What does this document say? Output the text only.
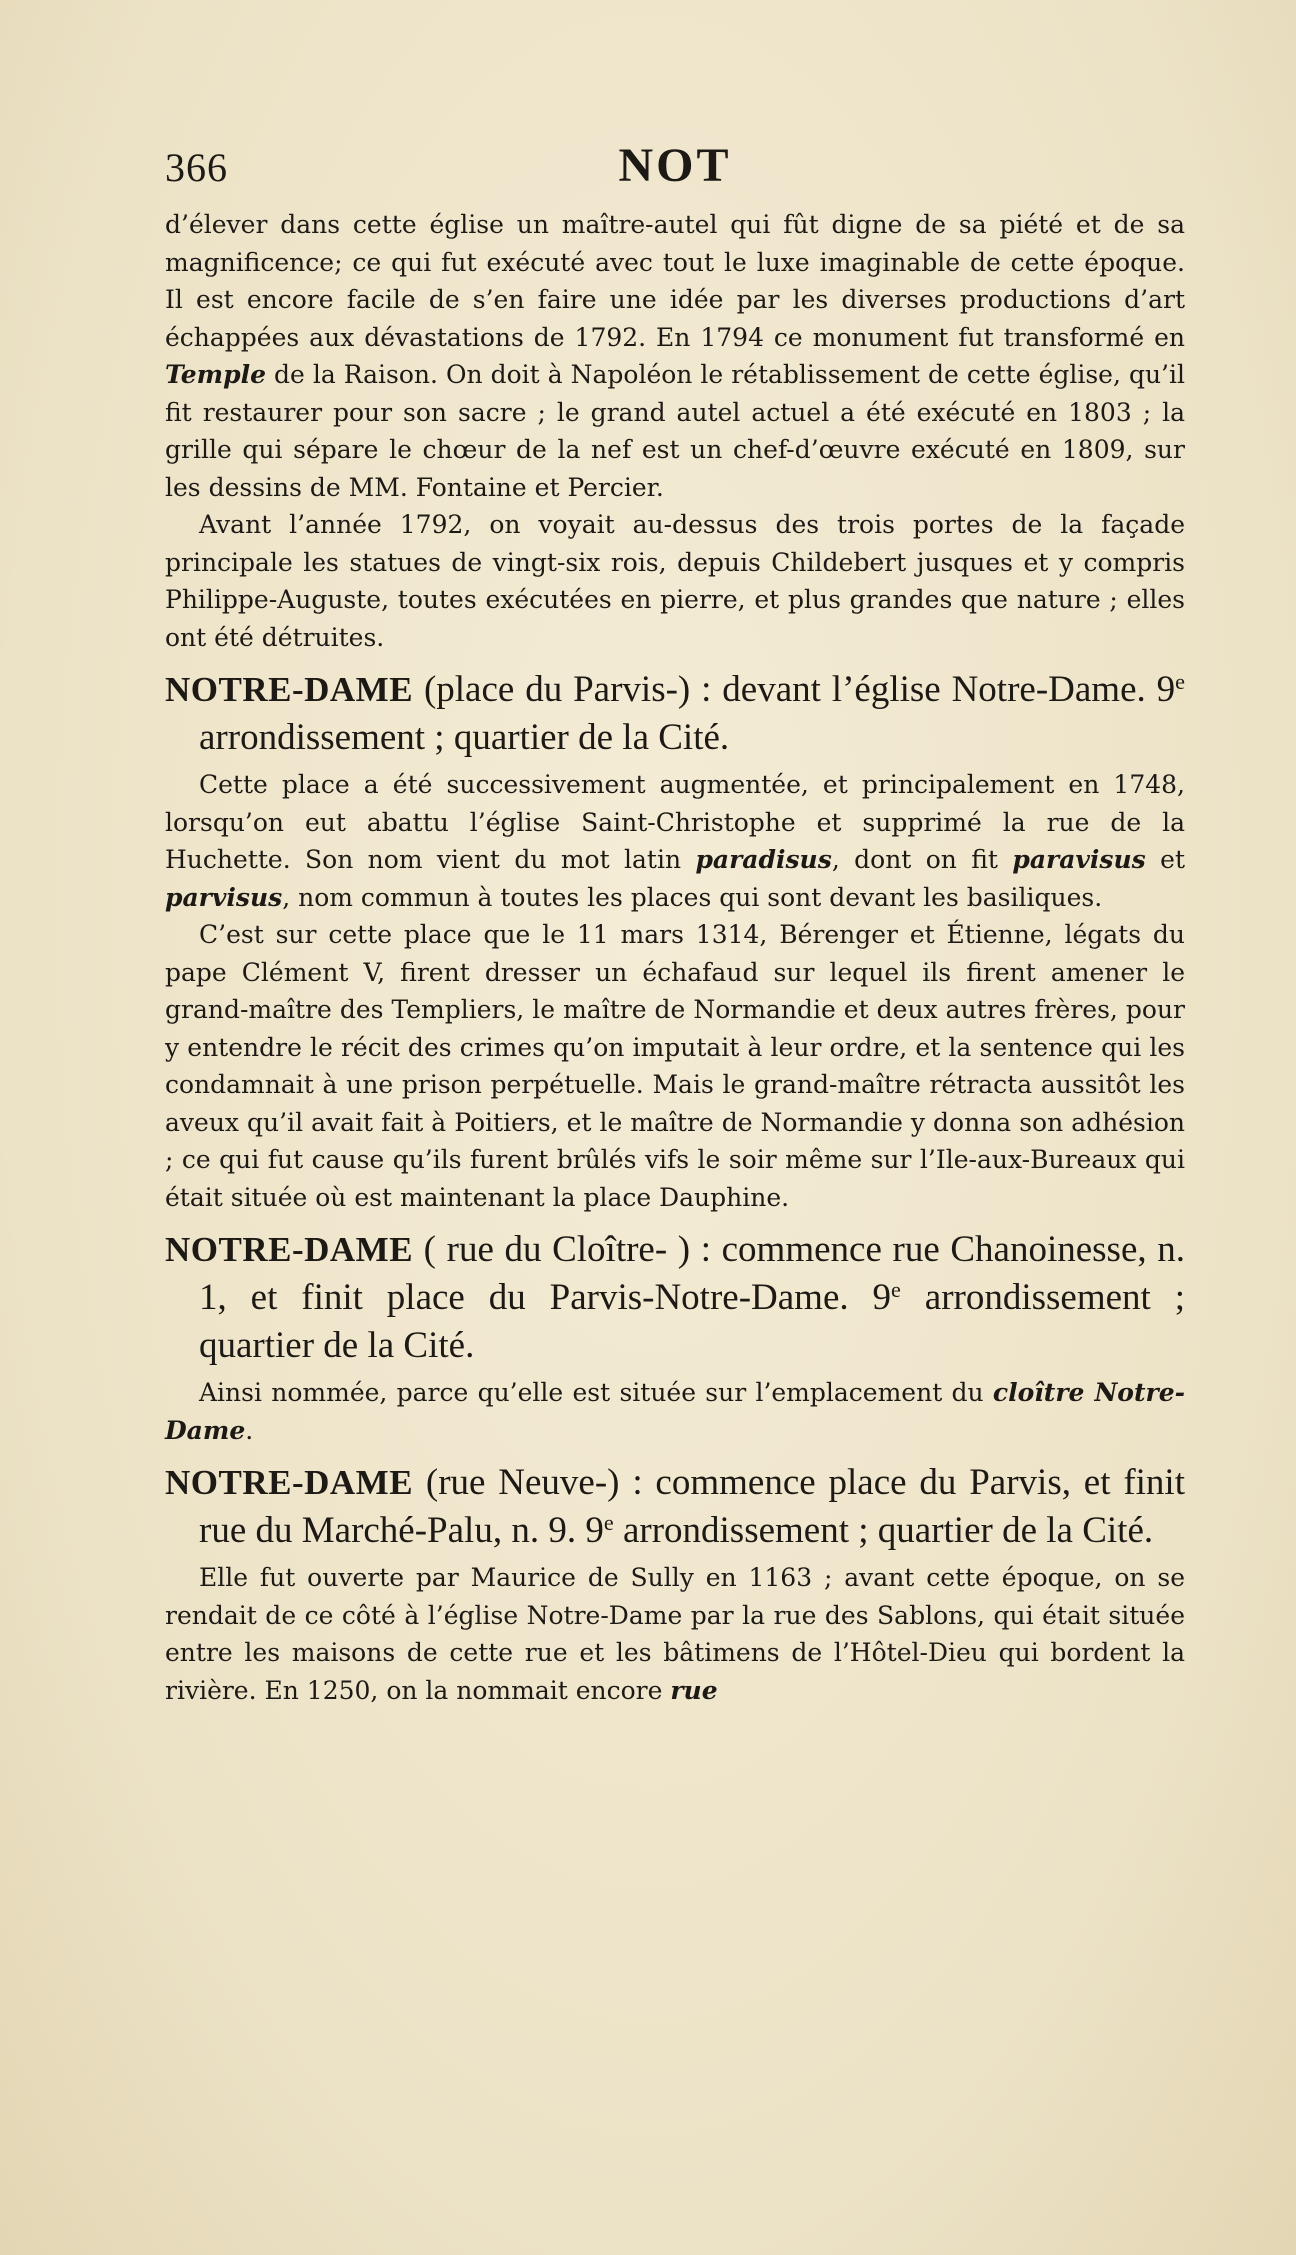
366	NOT

d’élever dans cette église un maître-autel qui fût digne de sa piété et de sa magnificence; ce qui fut exécuté avec tout le luxe imaginable de cette époque. Il est encore facile de s’en faire une idée par les diverses productions d’art échappées aux dévastations de 1792. En 1794 ce monument fut transformé en Temple de la Raison. On doit à Napoléon le rétablissement de cette église, qu’il fit restaurer pour son sacre ; le grand autel actuel a été exécuté en 1803 ; la grille qui sépare le chœur de la nef est un chef-d’œuvre exécuté en 1809, sur les dessins de MM. Fontaine et Percier.

Avant l’année 1792, on voyait au-dessus des trois portes de la façade principale les statues de vingt-six rois, depuis Childebert jusques et y compris Philippe-Auguste, toutes exécutées en pierre, et plus grandes que nature ; elles ont été détruites.

NOTRE-DAME (place du Parvis-) : devant l’église Notre-Dame. 9e arrondissement ; quartier de la Cité.

Cette place a été successivement augmentée, et principalement en 1748, lorsqu’on eut abattu l’église Saint-Christophe et supprimé la rue de la Huchette. Son nom vient du mot latin paradisus, dont on fit paravisus et parvisus, nom commun à toutes les places qui sont devant les basiliques.

C’est sur cette place que le 11 mars 1314, Bérenger et Étienne, légats du pape Clément V, firent dresser un échafaud sur lequel ils firent amener le grand-maître des Templiers, le maître de Normandie et deux autres frères, pour y entendre le récit des crimes qu’on imputait à leur ordre, et la sentence qui les condamnait à une prison perpétuelle. Mais le grand-maître rétracta aussitôt les aveux qu’il avait fait à Poitiers, et le maître de Normandie y donna son adhésion ; ce qui fut cause qu’ils furent brûlés vifs le soir même sur l’Ile-aux-Bureaux qui était située où est maintenant la place Dauphine.

NOTRE-DAME ( rue du Cloître- ) : commence rue Chanoinesse, n. 1, et finit place du Parvis-Notre-Dame. 9e arrondissement ; quartier de la Cité.

Ainsi nommée, parce qu’elle est située sur l’emplacement du cloître Notre-Dame.

NOTRE-DAME (rue Neuve-) : commence place du Parvis, et finit rue du Marché-Palu, n. 9. 9e arrondissement ; quartier de la Cité.

Elle fut ouverte par Maurice de Sully en 1163 ; avant cette époque, on se rendait de ce côté à l’église Notre-Dame par la rue des Sablons, qui était située entre les maisons de cette rue et les bâtimens de l’Hôtel-Dieu qui bordent la rivière. En 1250, on la nommait encore rue
